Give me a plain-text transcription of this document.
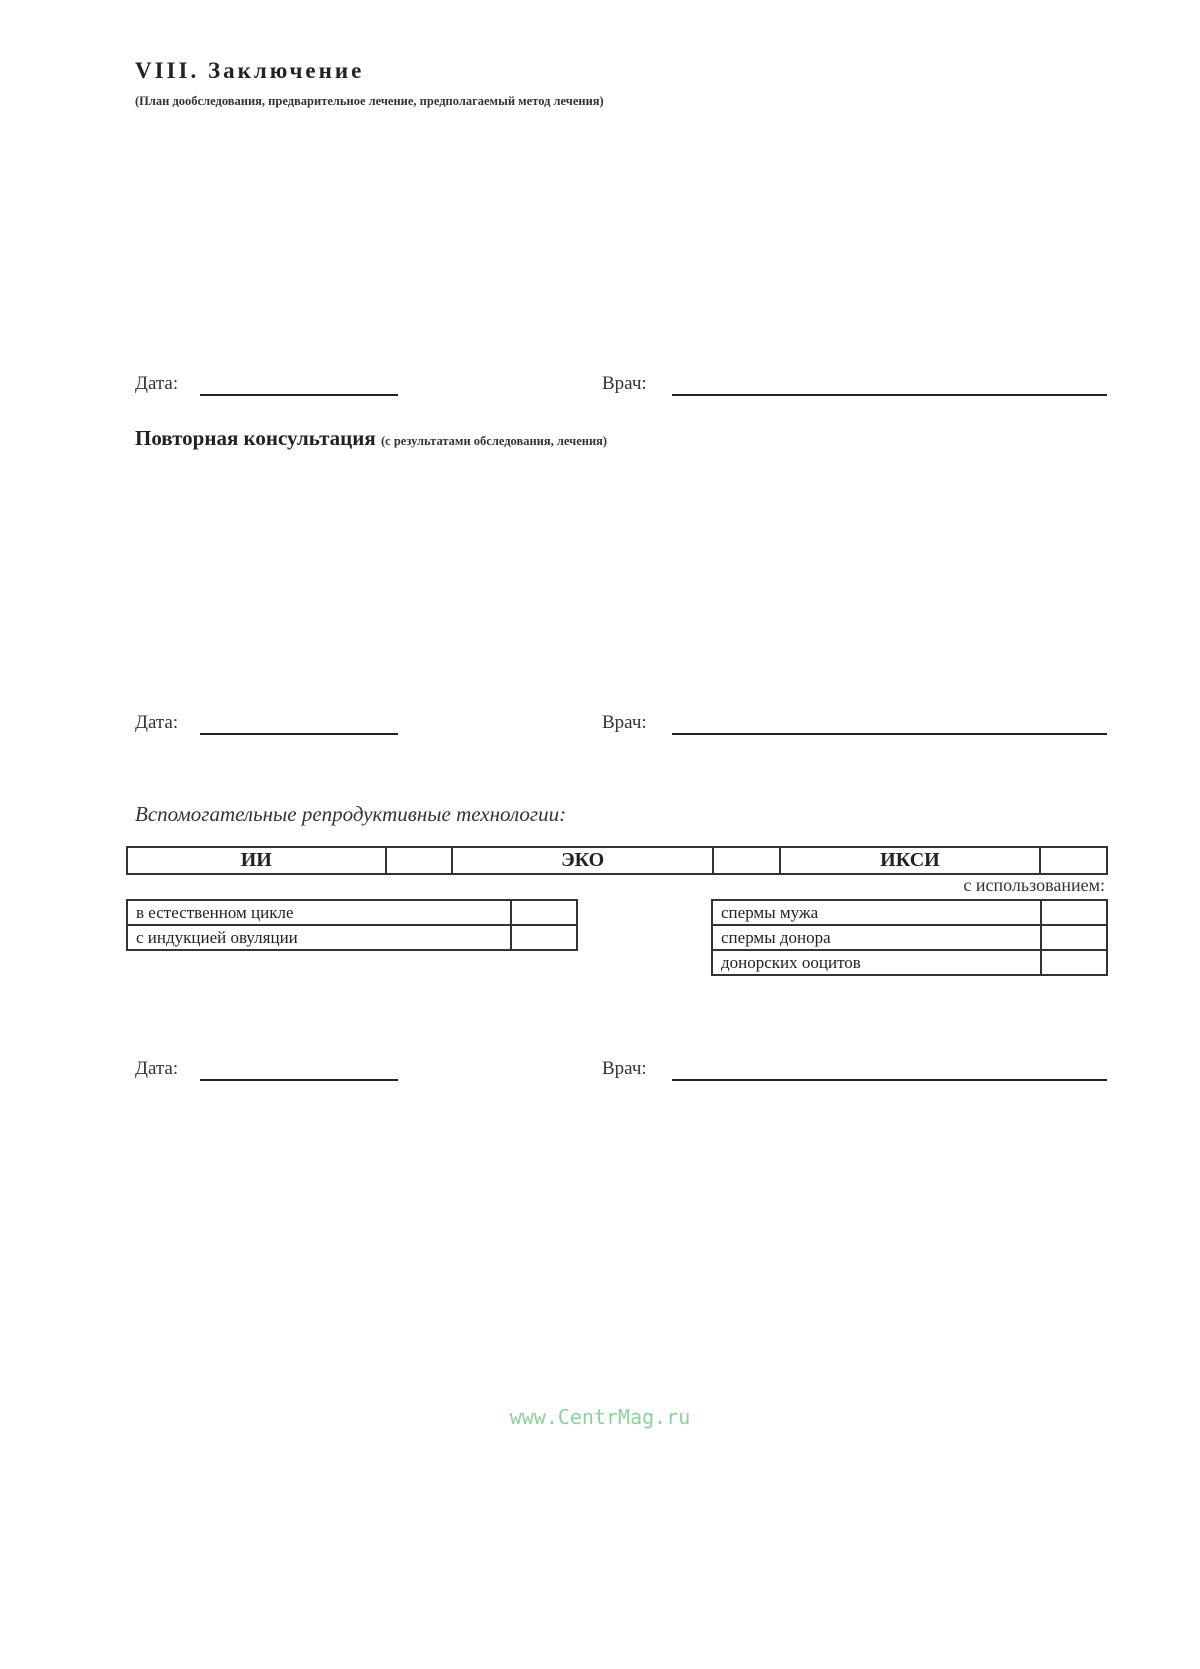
VIII. Заключение
(План дообследования, предварительное лечение, предполагаемый метод лечения)
Дата:	Врач:
Повторная консультация (с результатами обследования, лечения)
Дата:	Врач:
Вспомогательные репродуктивные технологии:
ИИ		ЭКО		ИКСИ	
с использованием:
в естественном цикле	
с индукцией овуляции	
спермы мужа	
спермы донора	
донорских ооцитов	
Дата:	Врач:
www.CentrMag.ru
